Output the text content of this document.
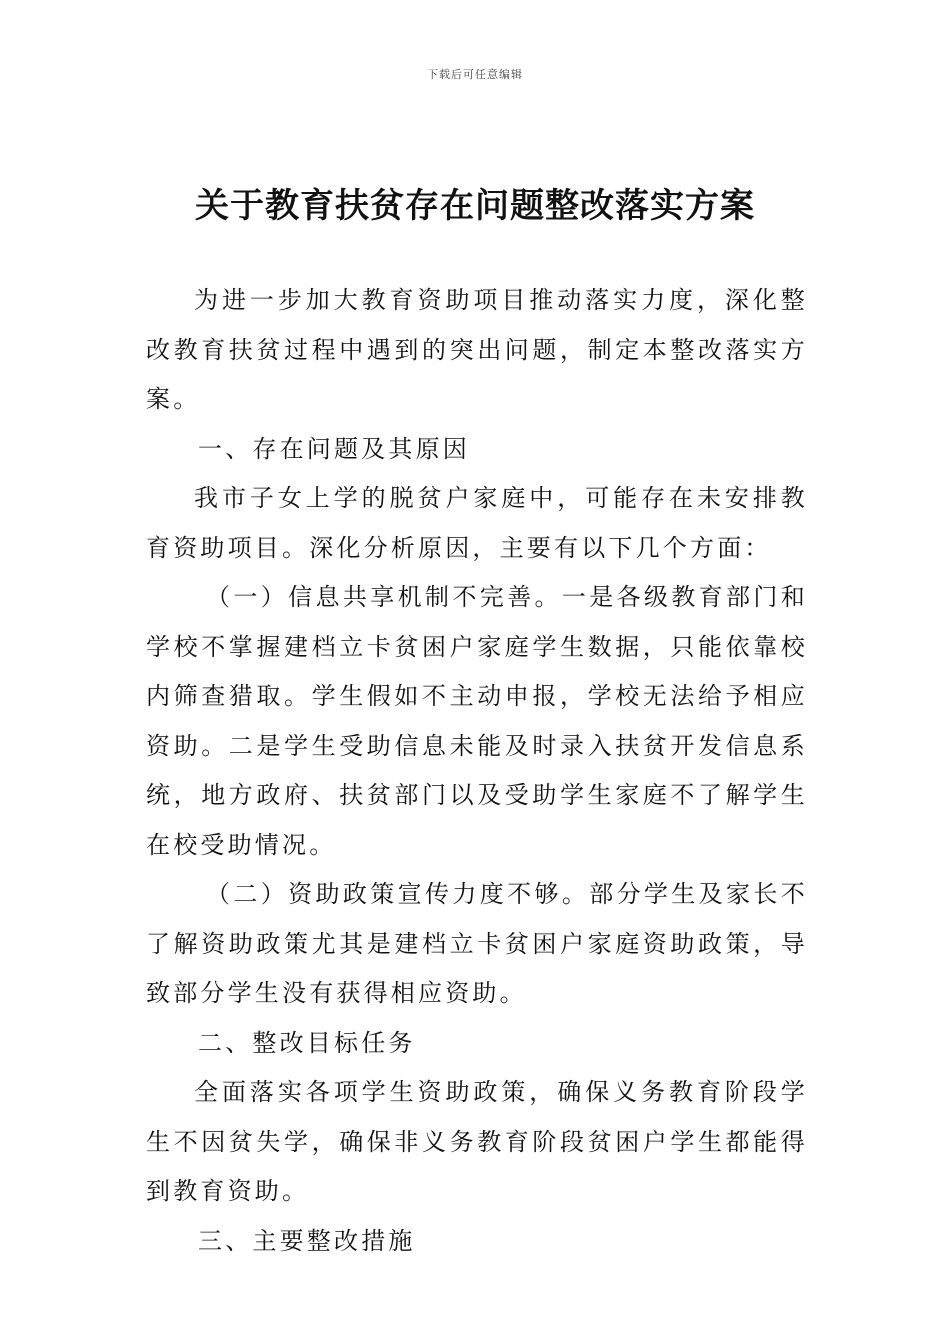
下载后可任意编辑
关于教育扶贫存在问题整改落实方案

为进一步加大教育资助项目推动落实力度，深化整改教育扶贫过程中遇到的突出问题，制定本整改落实方案。

一、存在问题及其原因

我市子女上学的脱贫户家庭中，可能存在未安排教育资助项目。深化分析原因，主要有以下几个方面：

（一）信息共享机制不完善。一是各级教育部门和学校不掌握建档立卡贫困户家庭学生数据，只能依靠校内筛查猎取。学生假如不主动申报，学校无法给予相应资助。二是学生受助信息未能及时录入扶贫开发信息系统，地方政府、扶贫部门以及受助学生家庭不了解学生在校受助情况。

（二）资助政策宣传力度不够。部分学生及家长不了解资助政策尤其是建档立卡贫困户家庭资助政策，导致部分学生没有获得相应资助。

二、整改目标任务

全面落实各项学生资助政策，确保义务教育阶段学生不因贫失学，确保非义务教育阶段贫困户学生都能得到教育资助。

三、主要整改措施
